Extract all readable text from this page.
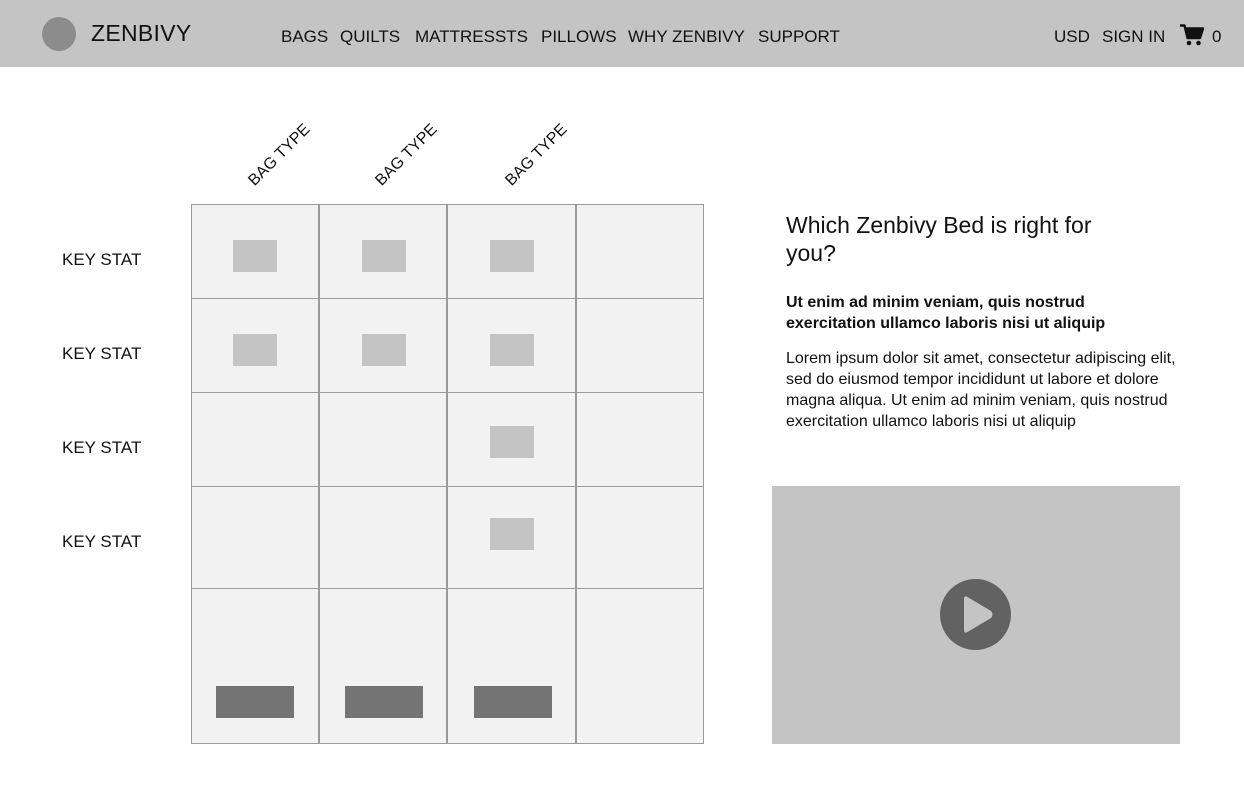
ZENBIVY	BAGS QUILTS MATTRESSTS PILLOWS WHY ZENBIVY SUPPORT	USD SIGN IN	0
BAG TYPE	BAG TYPE	BAG TYPE
KEY STAT
KEY STAT
KEY STAT
KEY STAT
Which Zenbivy Bed is right for you?
Ut enim ad minim veniam, quis nostrud exercitation ullamco laboris nisi ut aliquip
Lorem ipsum dolor sit amet, consectetur adipiscing elit, sed do eiusmod tempor incididunt ut labore et dolore magna aliqua. Ut enim ad minim veniam, quis nostrud exercitation ullamco laboris nisi ut aliquip
